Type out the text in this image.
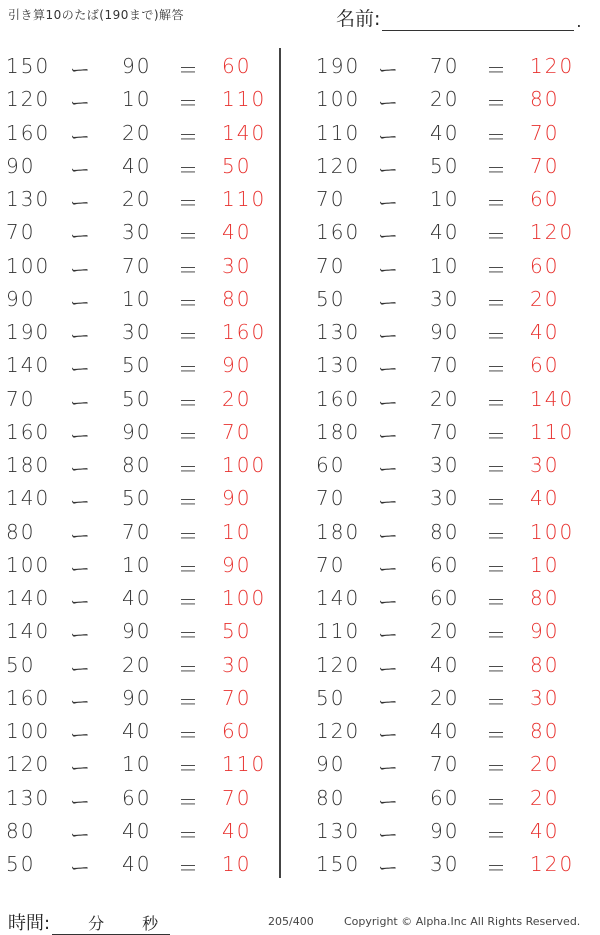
引き算10のたば(190まで)解答	名前:	.
150 ー 90 ＝ 60
120 ー 10 ＝ 110
160 ー 20 ＝ 140
90 ー 40 ＝ 50
130 ー 20 ＝ 110
70 ー 30 ＝ 40
100 ー 70 ＝ 30
90 ー 10 ＝ 80
190 ー 30 ＝ 160
140 ー 50 ＝ 90
70 ー 50 ＝ 20
160 ー 90 ＝ 70
180 ー 80 ＝ 100
140 ー 50 ＝ 90
80 ー 70 ＝ 10
100 ー 10 ＝ 90
140 ー 40 ＝ 100
140 ー 90 ＝ 50
50 ー 20 ＝ 30
160 ー 90 ＝ 70
100 ー 40 ＝ 60
120 ー 10 ＝ 110
130 ー 60 ＝ 70
80 ー 40 ＝ 40
50 ー 40 ＝ 10
190 ー 70 ＝ 120
100 ー 20 ＝ 80
110 ー 40 ＝ 70
120 ー 50 ＝ 70
70 ー 10 ＝ 60
160 ー 40 ＝ 120
70 ー 10 ＝ 60
50 ー 30 ＝ 20
130 ー 90 ＝ 40
130 ー 70 ＝ 60
160 ー 20 ＝ 140
180 ー 70 ＝ 110
60 ー 30 ＝ 30
70 ー 30 ＝ 40
180 ー 80 ＝ 100
70 ー 60 ＝ 10
140 ー 60 ＝ 80
110 ー 20 ＝ 90
120 ー 40 ＝ 80
50 ー 20 ＝ 30
120 ー 40 ＝ 80
90 ー 70 ＝ 20
80 ー 60 ＝ 20
130 ー 90 ＝ 40
150 ー 30 ＝ 120
時間: 分 秒	205/400	Copyright © Alpha.Inc All Rights Reserved.
